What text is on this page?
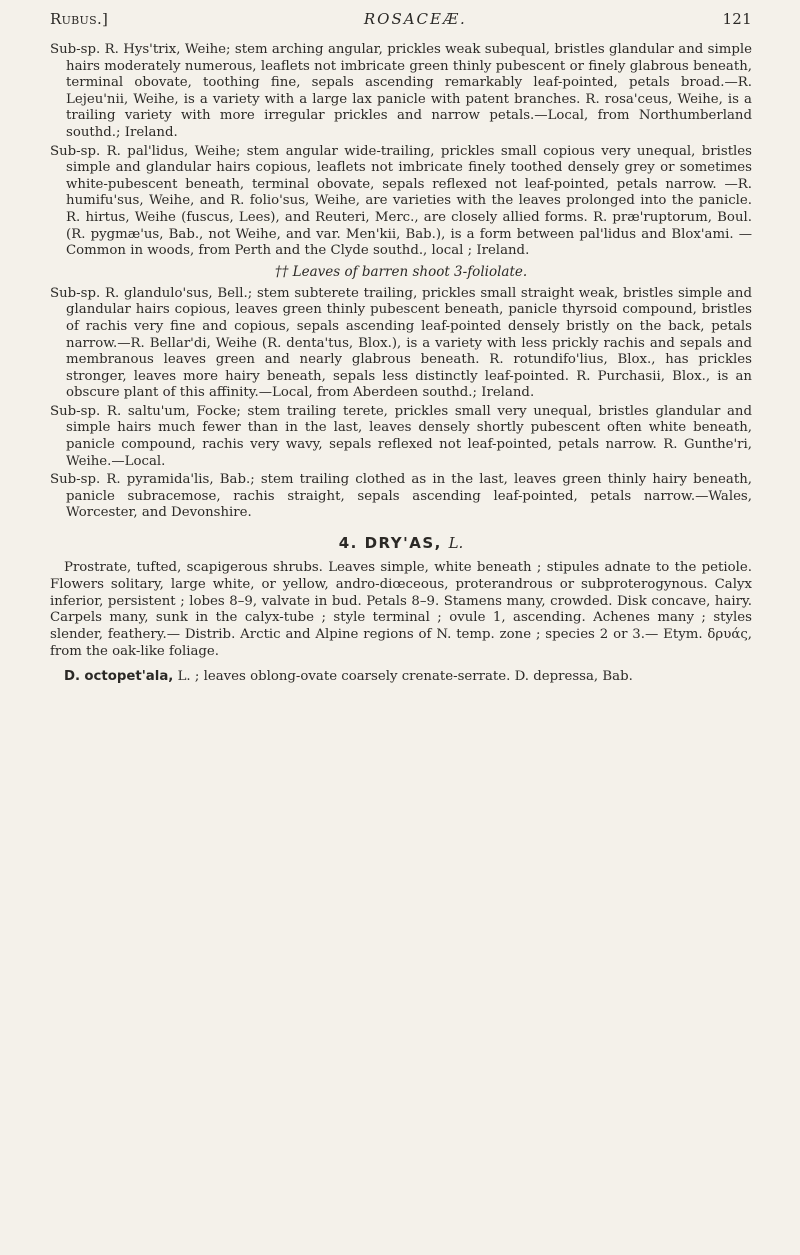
Rubus.]	ROSACEÆ.	121

Sub-sp. R. Hys'trix, Weihe; stem arching angular, prickles weak subequal, bristles glandular and simple hairs moderately numerous, leaflets not imbricate green thinly pubescent or finely glabrous beneath, terminal obovate, toothing fine, sepals ascending remarkably leaf-pointed, petals broad.—R. Lejeu'nii, Weihe, is a variety with a large lax panicle with patent branches. R. rosa'ceus, Weihe, is a trailing variety with more irregular prickles and narrow petals.—Local, from Northumberland southd.; Ireland.

Sub-sp. R. pal'lidus, Weihe; stem angular wide-trailing, prickles small copious very unequal, bristles simple and glandular hairs copious, leaflets not imbricate finely toothed densely grey or sometimes white-pubescent beneath, terminal obovate, sepals reflexed not leaf-pointed, petals narrow. —R. humifu'sus, Weihe, and R. folio'sus, Weihe, are varieties with the leaves prolonged into the panicle. R. hirtus, Weihe (fuscus, Lees), and Reuteri, Merc., are closely allied forms. R. præ'ruptorum, Boul. (R. pygmæ'us, Bab., not Weihe, and var. Men'kii, Bab.), is a form between pal'lidus and Blox'ami. —Common in woods, from Perth and the Clyde southd., local ; Ireland.

†† Leaves of barren shoot 3-foliolate.

Sub-sp. R. glandulo'sus, Bell.; stem subterete trailing, prickles small straight weak, bristles simple and glandular hairs copious, leaves green thinly pubescent beneath, panicle thyrsoid compound, bristles of rachis very fine and copious, sepals ascending leaf-pointed densely bristly on the back, petals narrow.—R. Bellar'di, Weihe (R. denta'tus, Blox.), is a variety with less prickly rachis and sepals and membranous leaves green and nearly glabrous beneath. R. rotundifo'lius, Blox., has prickles stronger, leaves more hairy beneath, sepals less distinctly leaf-pointed. R. Purchasii, Blox., is an obscure plant of this affinity.—Local, from Aberdeen southd.; Ireland.

Sub-sp. R. saltu'um, Focke; stem trailing terete, prickles small very unequal, bristles glandular and simple hairs much fewer than in the last, leaves densely shortly pubescent often white beneath, panicle compound, rachis very wavy, sepals reflexed not leaf-pointed, petals narrow. R. Gunthe'ri, Weihe.—Local.

Sub-sp. R. pyramida'lis, Bab.; stem trailing clothed as in the last, leaves green thinly hairy beneath, panicle subracemose, rachis straight, sepals ascending leaf-pointed, petals narrow.—Wales, Worcester, and Devonshire.

4. DRY'AS, L.

Prostrate, tufted, scapigerous shrubs. Leaves simple, white beneath ; stipules adnate to the petiole. Flowers solitary, large white, or yellow, andro-diœceous, proterandrous or subproterogynous. Calyx inferior, persistent ; lobes 8–9, valvate in bud. Petals 8–9. Stamens many, crowded. Disk concave, hairy. Carpels many, sunk in the calyx-tube ; style terminal ; ovule 1, ascending. Achenes many ; styles slender, feathery.— Distrib. Arctic and Alpine regions of N. temp. zone ; species 2 or 3.— Etym. δρυάς, from the oak-like foliage.

D. octopet'ala, L. ; leaves oblong-ovate coarsely crenate-serrate. D. depressa, Bab.
